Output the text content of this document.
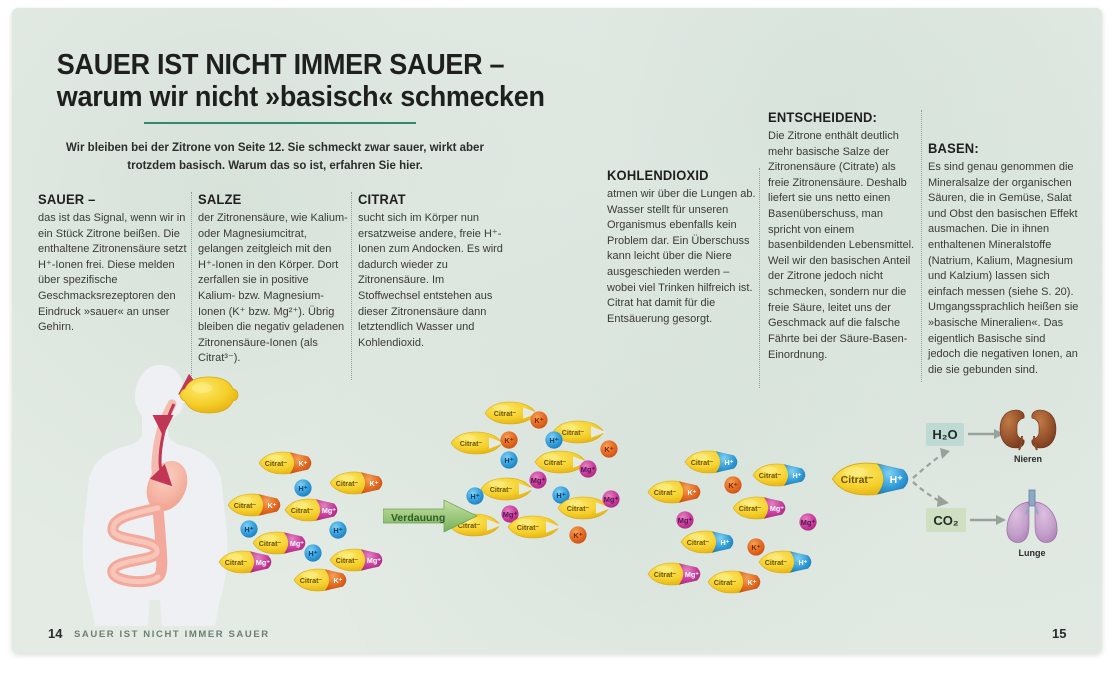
SAUER IST NICHT IMMER SAUER –
warum wir nicht »basisch« schmecken
Wir bleiben bei der Zitrone von Seite 12. Sie schmeckt zwar sauer, wirkt aber
trotzdem basisch. Warum das so ist, erfahren Sie hier.
SAUER –

das ist das Signal, wenn wir in ein Stück Zitrone beißen. Die enthaltene Zitronensäure setzt H⁺-Ionen frei. Diese melden über spezifische Geschmacksrezeptoren den Eindruck »sauer« an unser Gehirn.

SALZE

der Zitronensäure, wie Kalium- oder Magnesiumcitrat, gelangen zeitgleich mit den H⁺-Ionen in den Körper. Dort zerfallen sie in positive Kalium- bzw. Magnesium-Ionen (K⁺ bzw. Mg²⁺). Übrig bleiben die negativ geladenen Zitronensäure-Ionen (als Citrat³⁻).

CITRAT

sucht sich im Körper nun ersatzweise andere, freie H⁺-Ionen zum Andocken. Es wird dadurch wieder zu Zitronensäure. Im Stoffwechsel entstehen aus dieser Zitronensäure dann letztendlich Wasser und Kohlendioxid.

KOHLENDIOXID

atmen wir über die Lungen ab. Wasser stellt für unseren Organismus ebenfalls kein Problem dar. Ein Überschuss kann leicht über die Niere ausgeschieden werden – wobei viel Trinken hilfreich ist. Citrat hat damit für die Entsäuerung gesorgt.

ENTSCHEIDEND:

Die Zitrone enthält deutlich mehr basische Salze der Zitronensäure (Citrate) als freie Zitronensäure. Deshalb liefert sie uns netto einen Basenüberschuss, man spricht von einem basenbildenden Lebensmittel. Weil wir den basischen Anteil der Zitrone jedoch nicht schmecken, sondern nur die freie Säure, leitet uns der Geschmack auf die falsche Fährte bei der Säure-Basen-Einordnung.

BASEN:

Es sind genau genommen die Mineralsalze der organischen Säuren, die in Gemüse, Salat und Obst den basischen Effekt ausmachen. Die in ihnen enthaltenen Mineralstoffe (Natrium, Kalium, Magnesium und Kalzium) lassen sich einfach messen (siehe S. 20). Umgangssprachlich heißen sie »basische Mineralien«. Das eigentlich Basische sind jedoch die negativen Ionen, an die sie gebunden sind.

Citrat⁻ K⁺
Citrat⁻ K⁺
H⁺
Citrat⁻ K⁺
Citrat⁻ Mg⁺
H⁺	H⁺
Citrat⁻ Mg⁺
H⁺
Citrat⁻ Mg⁺	Citrat⁻ Mg⁺
Citrat⁻ K⁺
Citrat⁻
K⁺
Citrat⁻
Citrat⁻	K⁺	H⁺
K⁺
H⁺	Citrat⁻
Mg⁺
Mg⁺
Citrat⁻
H⁺	H⁺
Citrat⁻
Mg⁺
Mg⁺
Citrat⁻	Citrat⁻
K⁺
Citrat⁻ H⁺
Citrat⁻ H⁺
K⁺
Citrat⁻ K⁺
Citrat⁻ Mg⁺
Mg⁺	Mg⁺
Citrat⁻ H⁺
K⁺
Citrat⁻ H⁺
Citrat⁻ Mg⁺
Citrat⁻ K⁺
Citrat⁻ H⁺
Verdauung
H₂O
Nieren
CO₂
Lunge
14 SAUER IST NICHT IMMER SAUER	15
